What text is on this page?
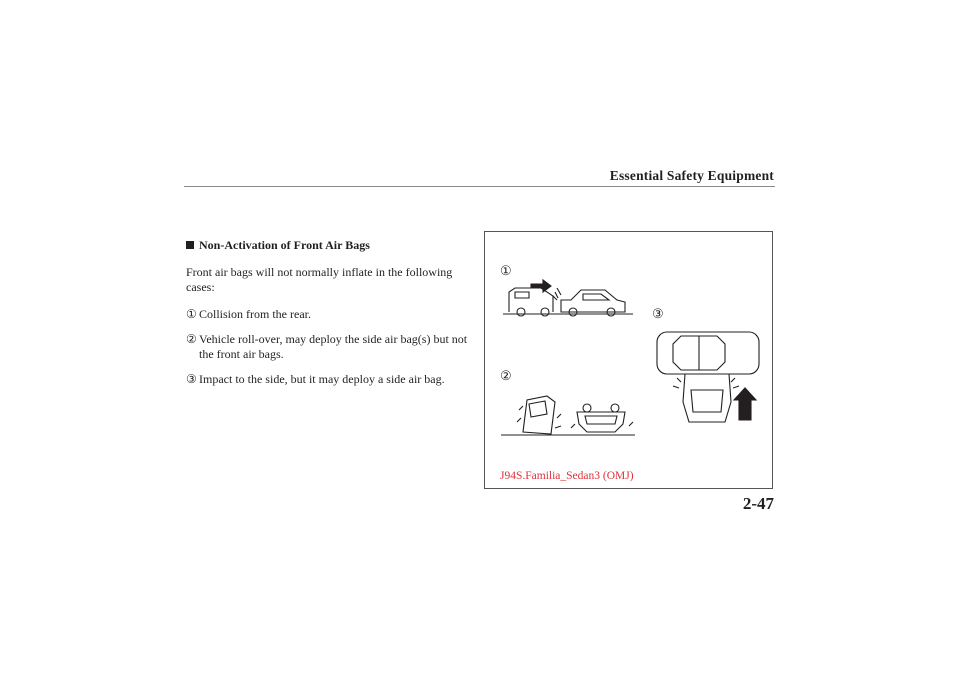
Essential Safety Equipment
Non-Activation of Front Air Bags
Front air bags will not normally inflate in the following cases:
① Collision from the rear.
② Vehicle roll-over, may deploy the side air bag(s) but not
the front air bags.
③ Impact to the side, but it may deploy a side air bag.
①
②
③
J94S.Familia_Sedan3 (OMJ)
2-47
